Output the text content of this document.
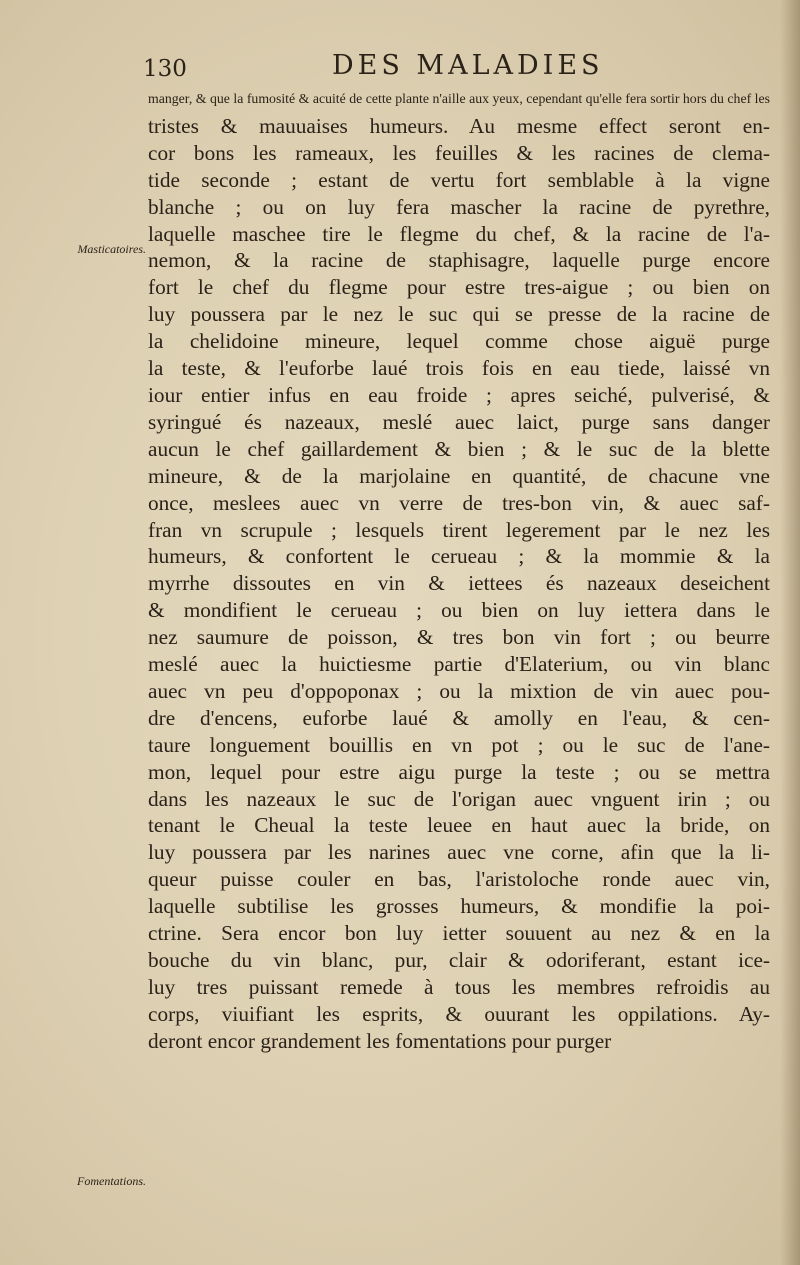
130	DES MALADIES
Masticatoires.
Fomentations.
manger, & que la fumosité & acuité de cette plante n'aille aux yeux, cependant qu'elle fera sortir hors du chef les
tristes & mauuaises humeurs. Au mesme effect seront en-
cor bons les rameaux, les feuilles & les racines de clema-
tide seconde ; estant de vertu fort semblable à la vigne
blanche ; ou on luy fera mascher la racine de pyrethre,
laquelle maschee tire le flegme du chef, & la racine de l'a-
nemon, & la racine de staphisagre, laquelle purge encore
fort le chef du flegme pour estre tres-aigue ; ou bien on
luy poussera par le nez le suc qui se presse de la racine de
la chelidoine mineure, lequel comme chose aiguë purge
la teste, & l'euforbe laué trois fois en eau tiede, laissé vn
iour entier infus en eau froide ; apres seiché, pulverisé, &
syringué és nazeaux, meslé auec laict, purge sans danger
aucun le chef gaillardement & bien ; & le suc de la blette
mineure, & de la marjolaine en quantité, de chacune vne
once, meslees auec vn verre de tres-bon vin, & auec saf-
fran vn scrupule ; lesquels tirent legerement par le nez les
humeurs, & confortent le cerueau ; & la mommie & la
myrrhe dissoutes en vin & iettees és nazeaux deseichent
& mondifient le cerueau ; ou bien on luy iettera dans le
nez saumure de poisson, & tres bon vin fort ; ou beurre
meslé auec la huictiesme partie d'Elaterium, ou vin blanc
auec vn peu d'oppoponax ; ou la mixtion de vin auec pou-
dre d'encens, euforbe laué & amolly en l'eau, & cen-
taure longuement bouillis en vn pot ; ou le suc de l'ane-
mon, lequel pour estre aigu purge la teste ; ou se mettra
dans les nazeaux le suc de l'origan auec vnguent irin ; ou
tenant le Cheual la teste leuee en haut auec la bride, on
luy poussera par les narines auec vne corne, afin que la li-
queur puisse couler en bas, l'aristoloche ronde auec vin,
laquelle subtilise les grosses humeurs, & mondifie la poi-
ctrine. Sera encor bon luy ietter souuent au nez & en la
bouche du vin blanc, pur, clair & odoriferant, estant ice-
luy tres puissant remede à tous les membres refroidis au
corps, viuifiant les esprits, & ouurant les oppilations. Ay-
deront encor grandement les fomentations pour purger
